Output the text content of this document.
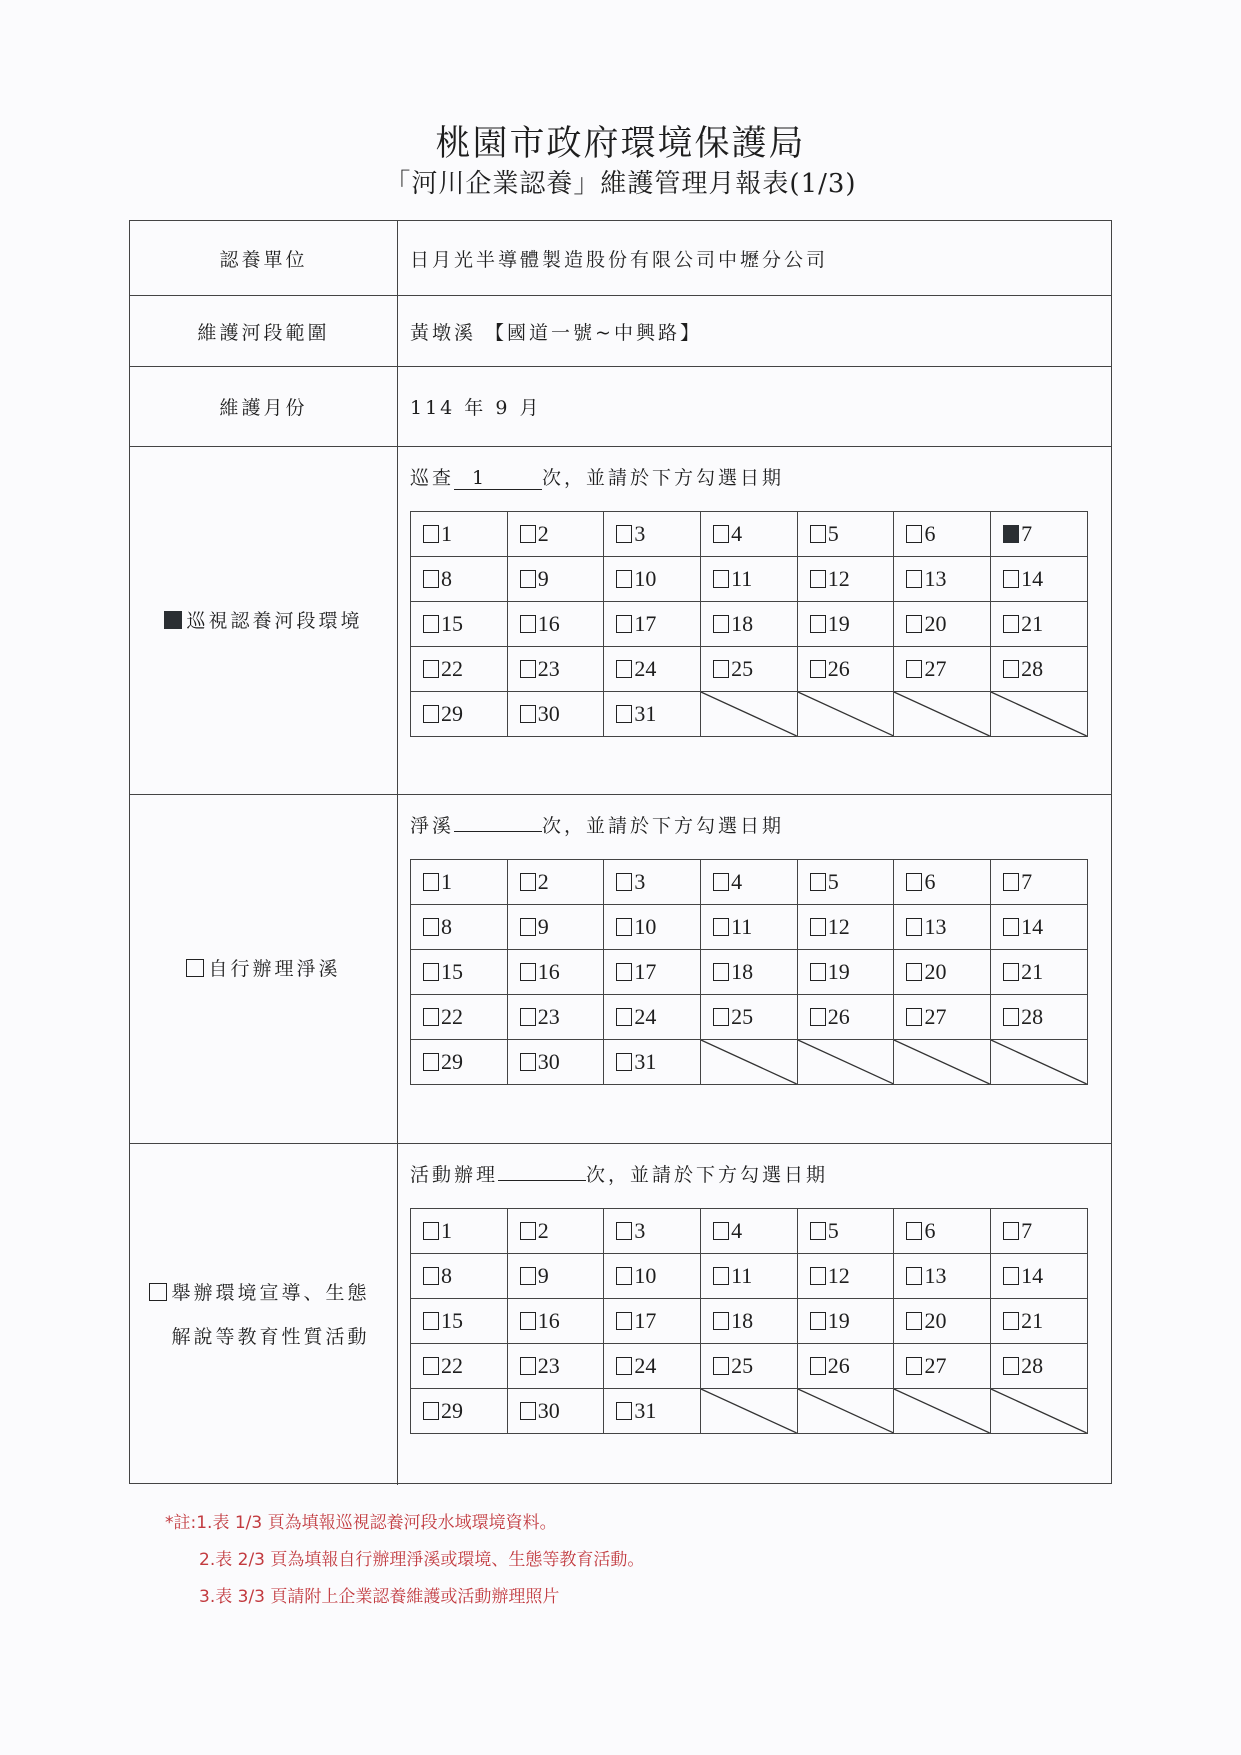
桃園市政府環境保護局
「河川企業認養」維護管理月報表(1/3)
認養單位	日月光半導體製造股份有限公司中壢分公司
維護河段範圍	黃墩溪 【國道一號~中興路】
維護月份	114 年 9 月
巡視認養河段環境
巡查 1	次，並請於下方勾選日期
1	2	3	4	5	6	7
8	9	10	11	12	13	14
15	16	17	18	19	20	21
22	23	24	25	26	27	28
29	30	31	

自行辦理淨溪
淨溪	次，並請於下方勾選日期
1	2	3	4	5	6	7
8	9	10	11	12	13	14
15	16	17	18	19	20	21
22	23	24	25	26	27	28
29	30	31	

舉辦環境宣導、生態
解說等教育性質活動
活動辦理	次，並請於下方勾選日期
1	2	3	4	5	6	7
8	9	10	11	12	13	14
15	16	17	18	19	20	21
22	23	24	25	26	27	28
29	30	31	

*註:1.表 1/3 頁為填報巡視認養河段水域環境資料。
2.表 2/3 頁為填報自行辦理淨溪或環境、生態等教育活動。
3.表 3/3 頁請附上企業認養維護或活動辦理照片
